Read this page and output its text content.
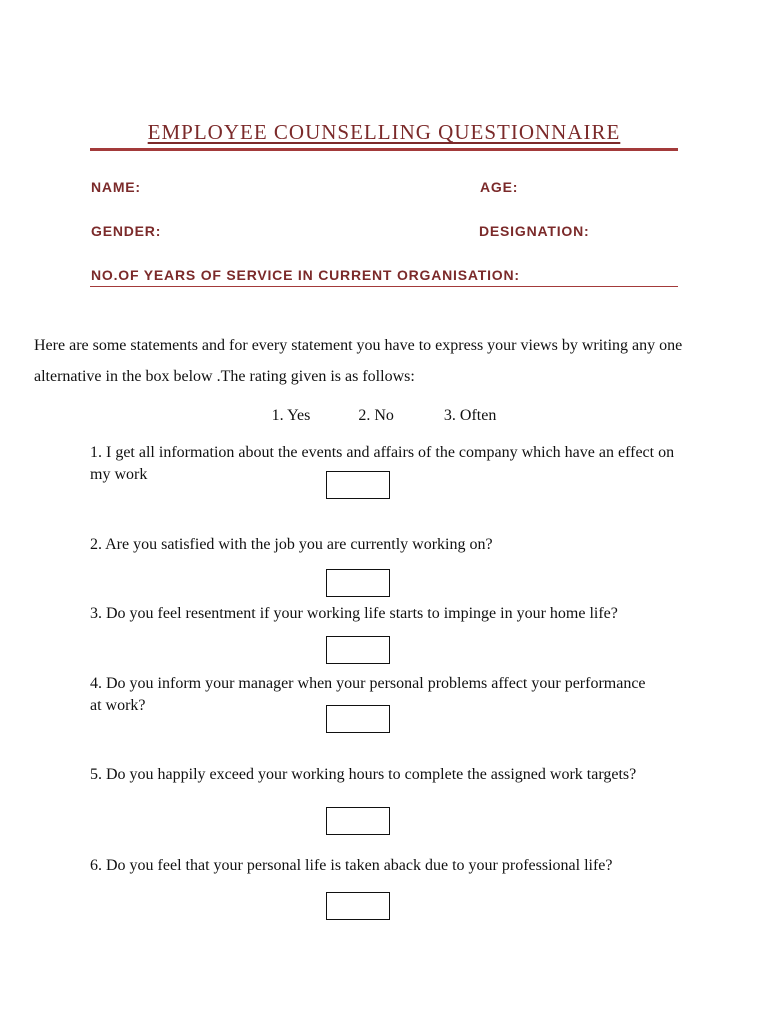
EMPLOYEE COUNSELLING QUESTIONNAIRE
NAME:	AGE:
GENDER:	DESIGNATION:
NO.OF YEARS OF SERVICE IN CURRENT ORGANISATION:
Here are some statements and for every statement you have to express your views by writing any one alternative in the box below .The rating given is as follows:
1. Yes	2. No	3. Often
1. I get all information about the events and affairs of the company which have an effect on my work
2. Are you satisfied with the job you are currently working on?
3. Do you feel resentment if your working life starts to impinge in your home life?
4. Do you inform your manager when your personal problems affect your performance at work?
5. Do you happily exceed your working hours to complete the assigned work targets?
6. Do you feel that your personal life is taken aback due to your professional life?
